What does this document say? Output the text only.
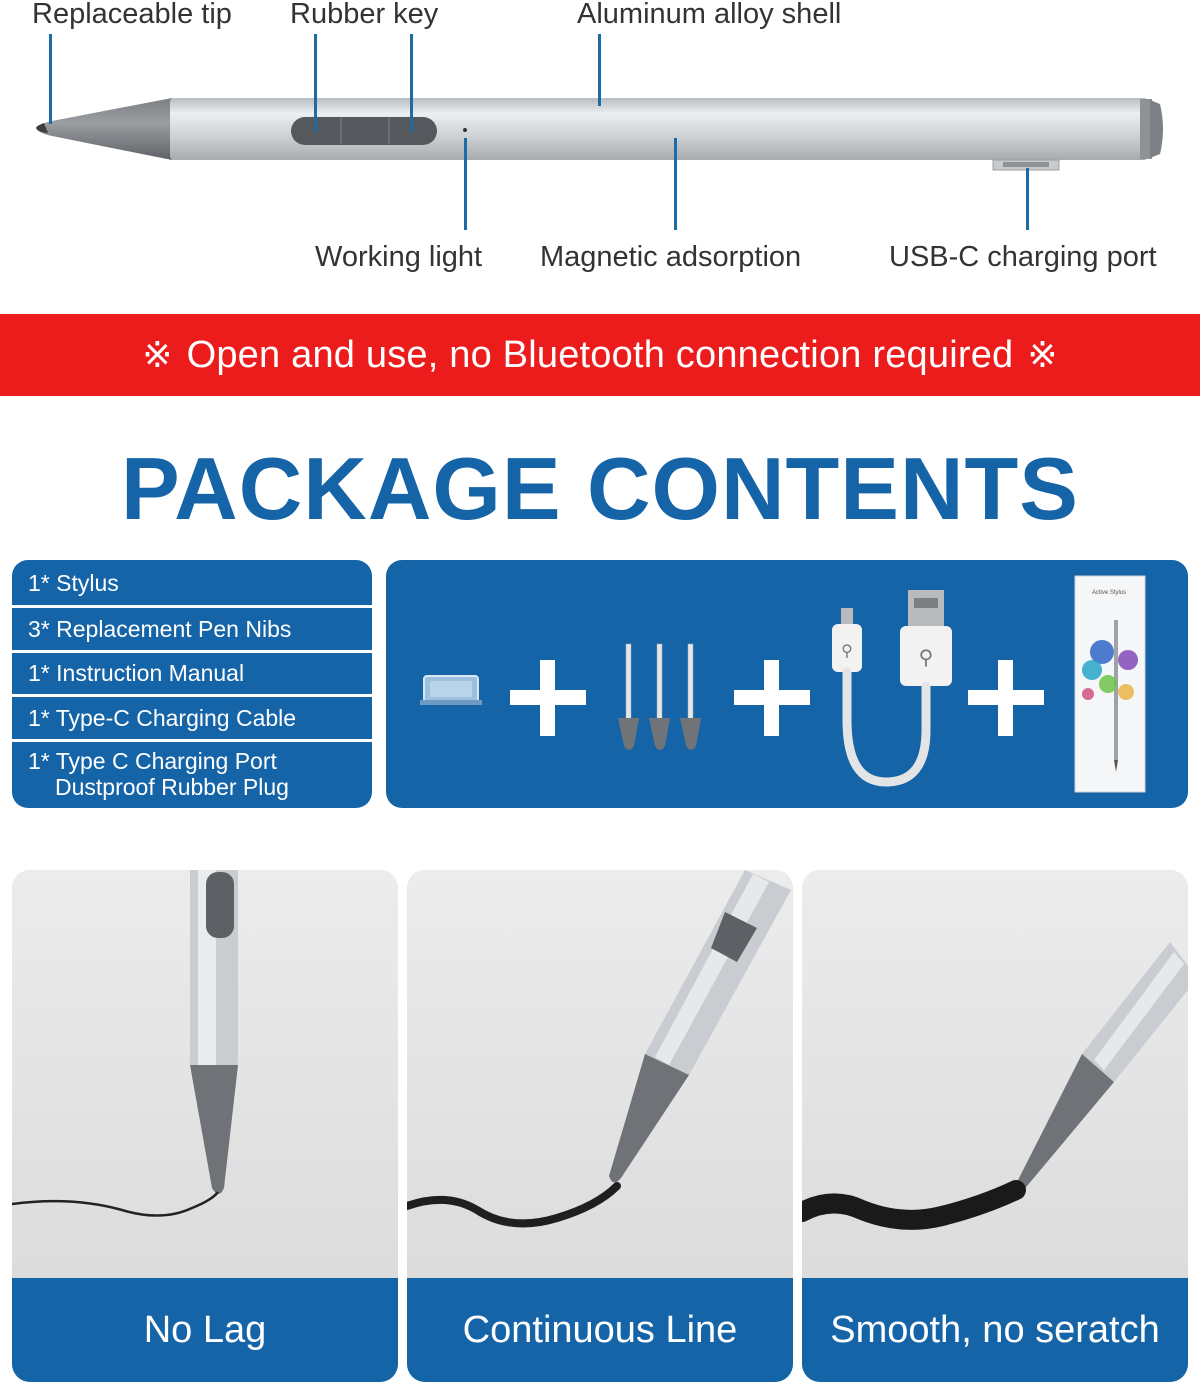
Replaceable tip Rubber key	Aluminum alloy shell
Working light Magnetic adsorption	USB-C charging port
※ Open and use, no Bluetooth connection required ※
PACKAGE CONTENTS
1* Stylus
3* Replacement Pen Nibs
1* Instruction Manual
1* Type-C Charging Cable
1* Type C Charging Port
Dustproof Rubber Plug
⚲
⚲
Active Stylus
No Lag	Continuous Line	Smooth, no seratch
